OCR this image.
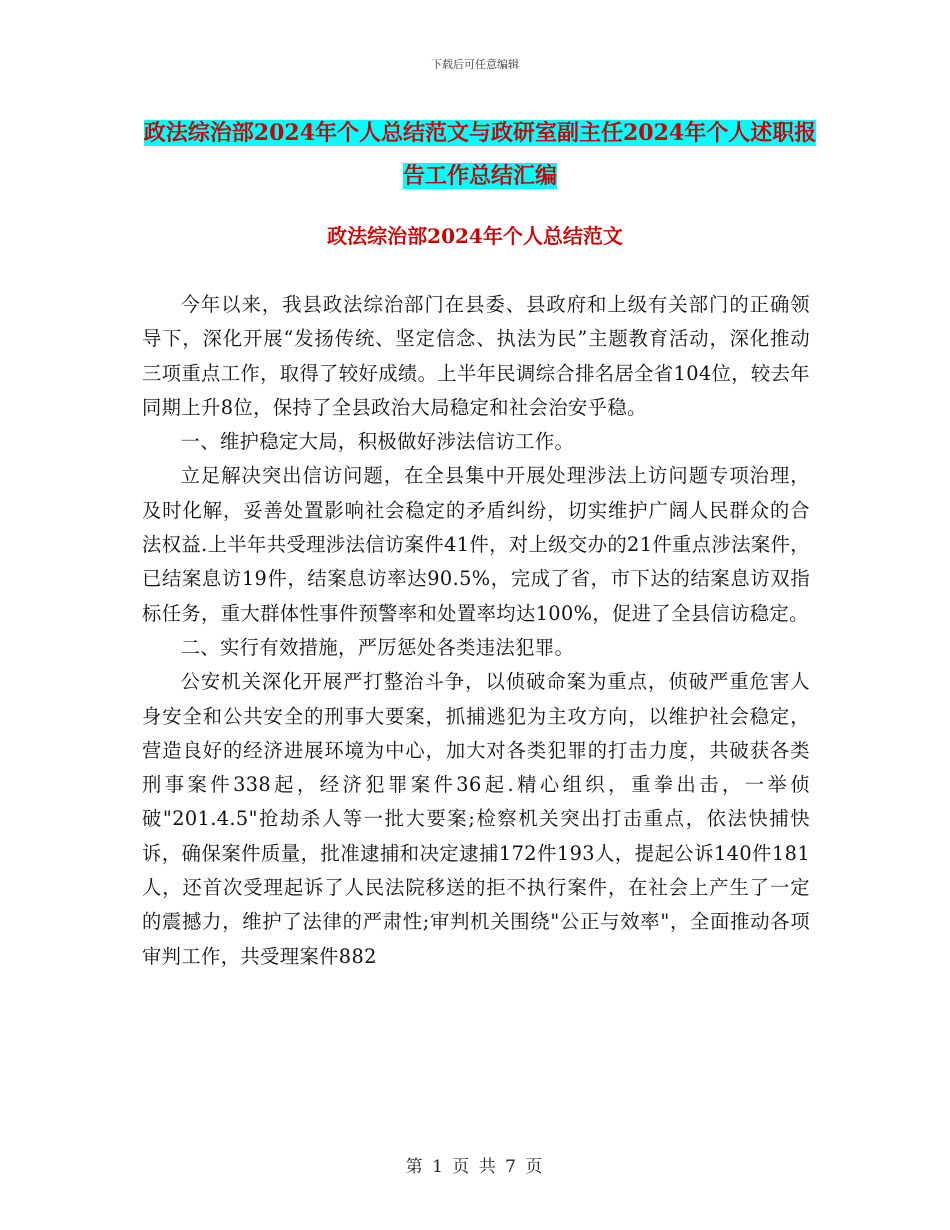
下载后可任意编辑
政法综治部2024年个人总结范文与政研室副主任2024年个人述职报告工作总结汇编
政法综治部2024年个人总结范文

今年以来，我县政法综治部门在县委、县政府和上级有关部门的正确领导下，深化开展“发扬传统、坚定信念、执法为民”主题教育活动，深化推动三项重点工作，取得了较好成绩。上半年民调综合排名居全省104位，较去年同期上升8位，保持了全县政治大局稳定和社会治安乎稳。

一、维护稳定大局，积极做好涉法信访工作。

立足解决突出信访问题，在全县集中开展处理涉法上访问题专项治理，及时化解，妥善处置影响社会稳定的矛盾纠纷，切实维护广阔人民群众的合法权益.上半年共受理涉法信访案件41件，对上级交办的21件重点涉法案件，已结案息访19件，结案息访率达90.5%，完成了省，市下达的结案息访双指标任务，重大群体性事件预警率和处置率均达100%，促进了全县信访稳定。

二、实行有效措施，严厉惩处各类违法犯罪。

公安机关深化开展严打整治斗争，以侦破命案为重点，侦破严重危害人身安全和公共安全的刑事大要案，抓捕逃犯为主攻方向，以维护社会稳定，营造良好的经济进展环境为中心，加大对各类犯罪的打击力度，共破获各类刑事案件338起，经济犯罪案件36起.精心组织，重拳出击，一举侦破"201.4.5"抢劫杀人等一批大要案;检察机关突出打击重点，依法快捕快诉，确保案件质量，批准逮捕和决定逮捕172件193人，提起公诉140件181人，还首次受理起诉了人民法院移送的拒不执行案件，在社会上产生了一定的震撼力，维护了法律的严肃性;审判机关围绕"公正与效率"，全面推动各项审判工作，共受理案件882

第 1 页 共 7 页
